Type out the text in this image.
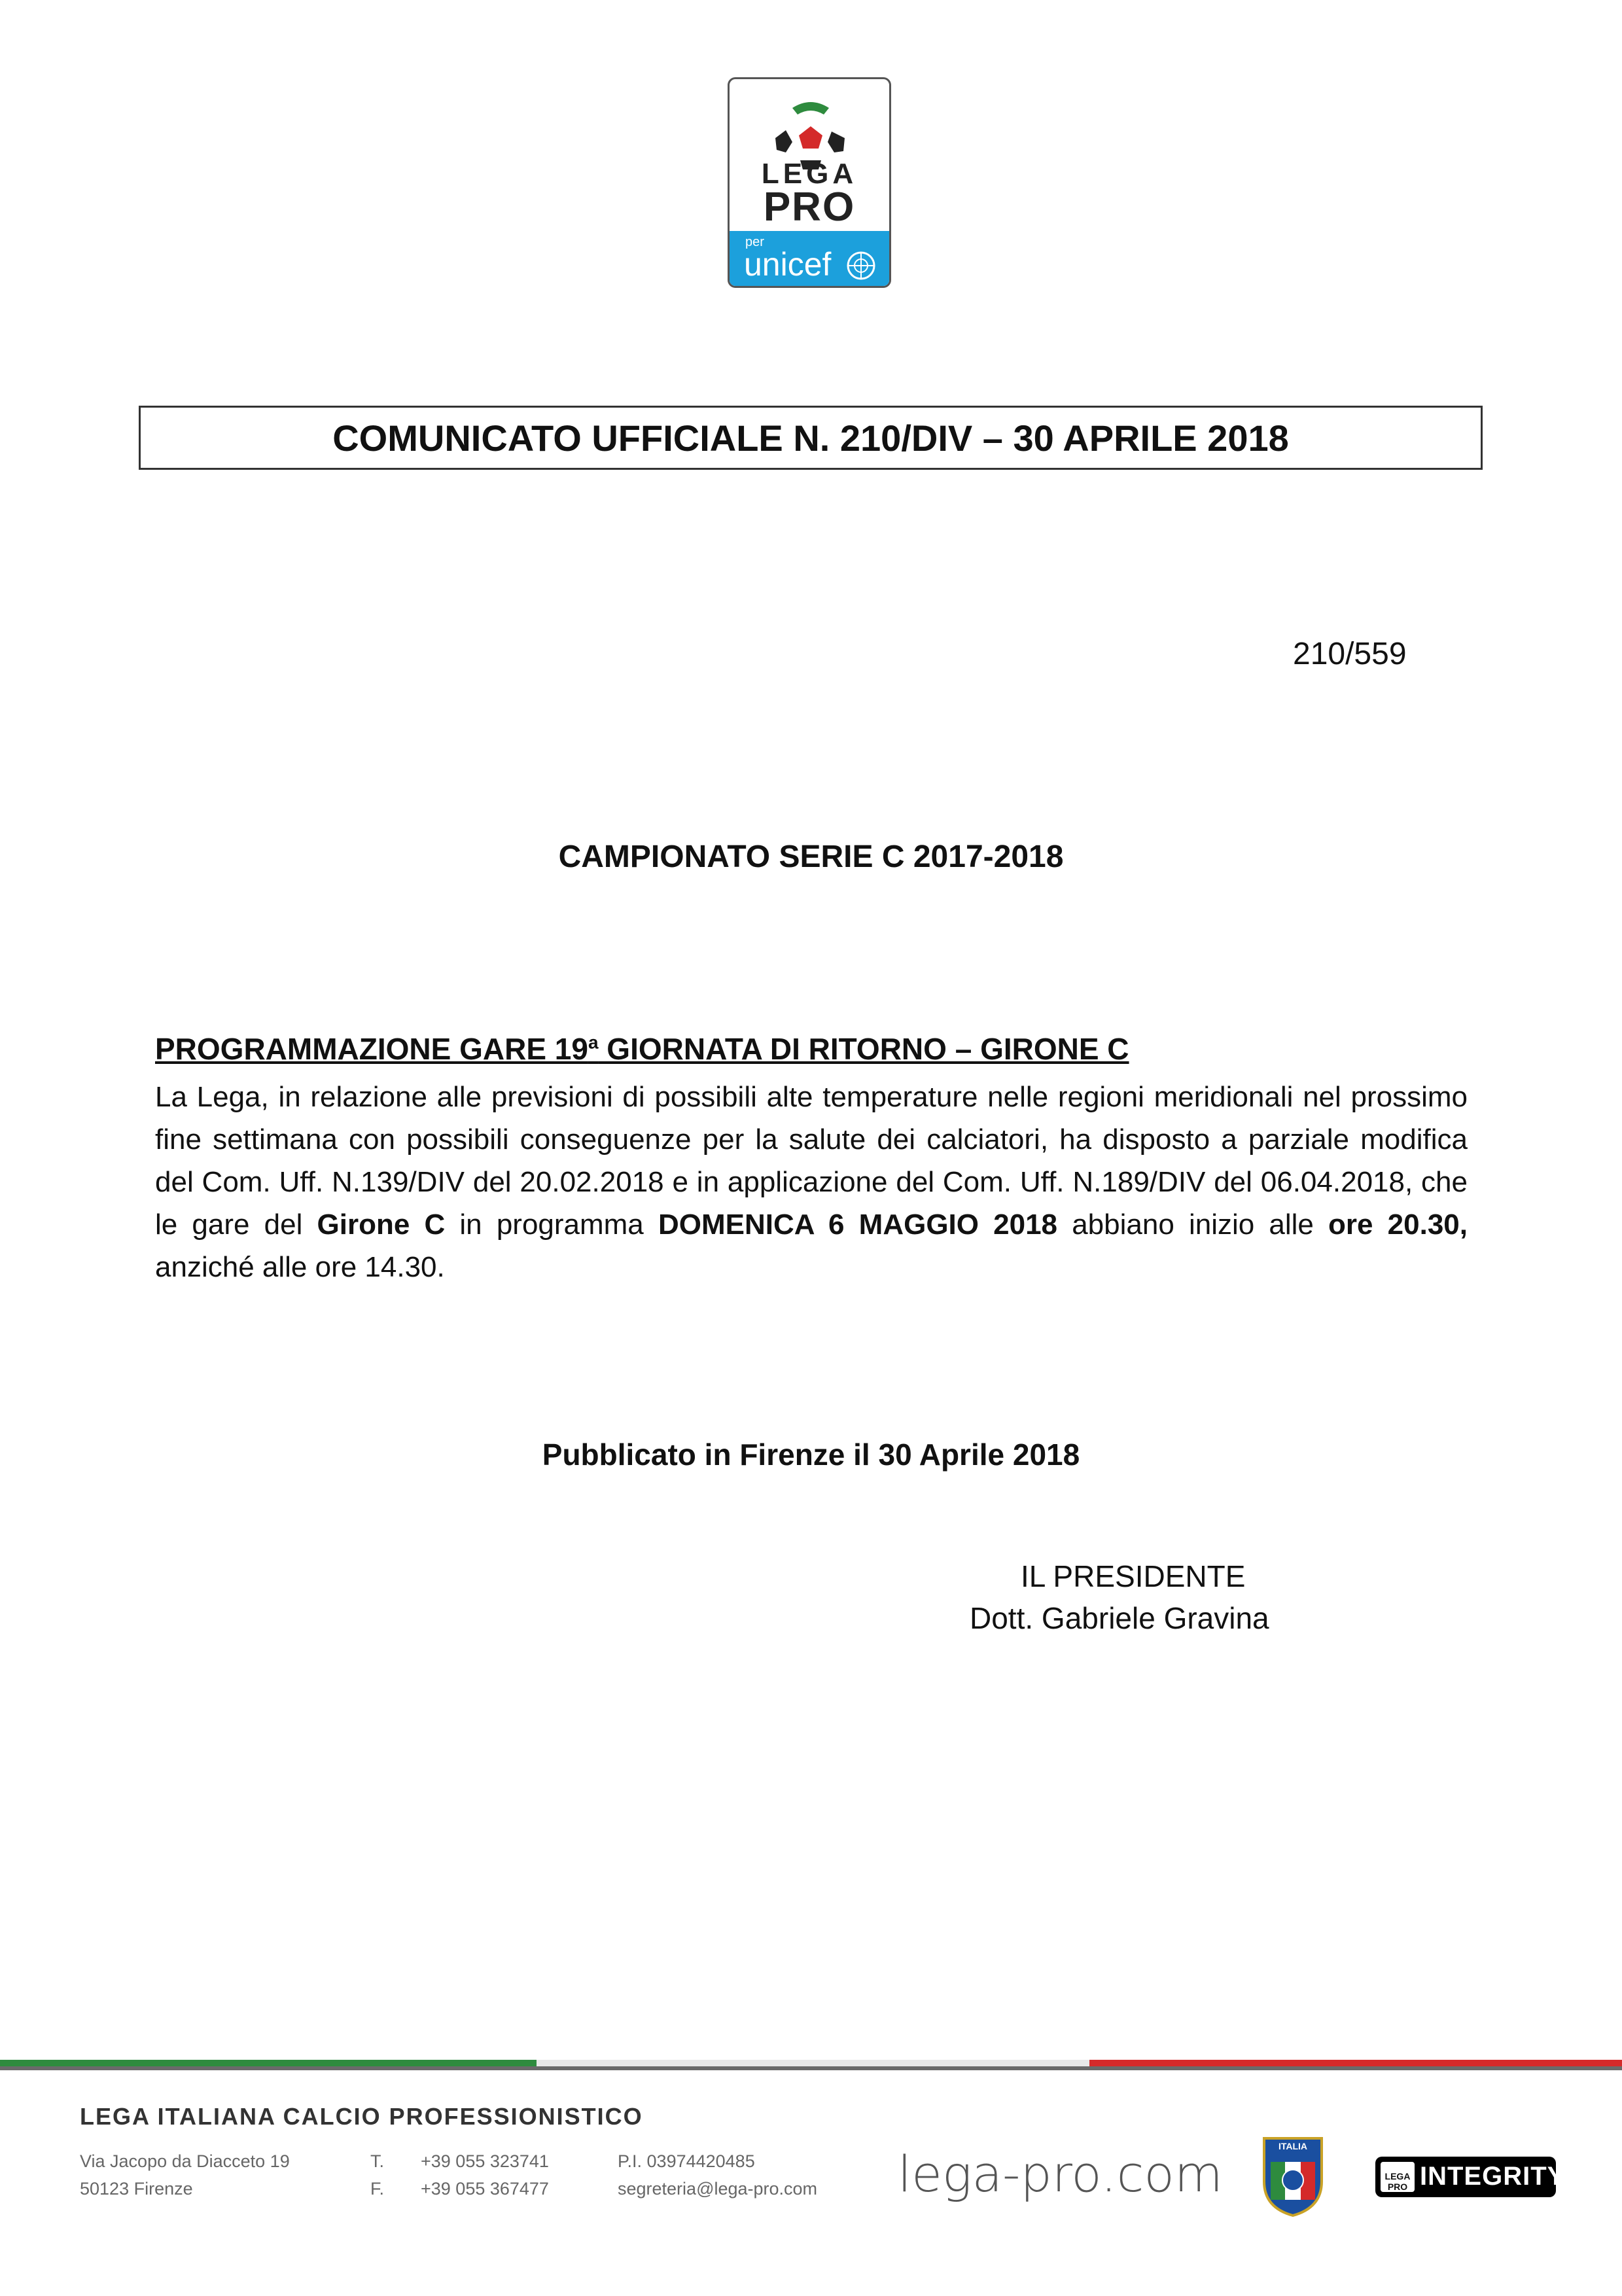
LEGA
PRO
per
unicef
COMUNICATO UFFICIALE N. 210/DIV – 30 APRILE 2018
210/559
CAMPIONATO SERIE C 2017-2018
PROGRAMMAZIONE GARE 19$^a$ GIORNATA DI RITORNO – GIRONE C
La Lega, in relazione alle previsioni di possibili alte temperature nelle regioni meridionali nel prossimo fine settimana con possibili conseguenze per la salute dei calciatori, ha disposto a parziale modifica del Com. Uff. N.139/DIV del 20.02.2018 e in applicazione del Com. Uff. N.189/DIV del 06.04.2018, che le gare del Girone C in programma DOMENICA 6 MAGGIO 2018 abbiano inizio alle ore 20.30, anziché alle ore 14.30.
Pubblicato in Firenze il 30 Aprile 2018
IL PRESIDENTE
Dott. Gabriele Gravina
LEGA ITALIANA CALCIO PROFESSIONISTICO
Via Jacopo da Diacceto 19
50123 Firenze
T.
F.
+39 055 323741
+39 055 367477
P.I. 03974420485
segreteria@lega-pro.com lega-pro.com	ITALIA
LEGA PRO INTEGRITY
